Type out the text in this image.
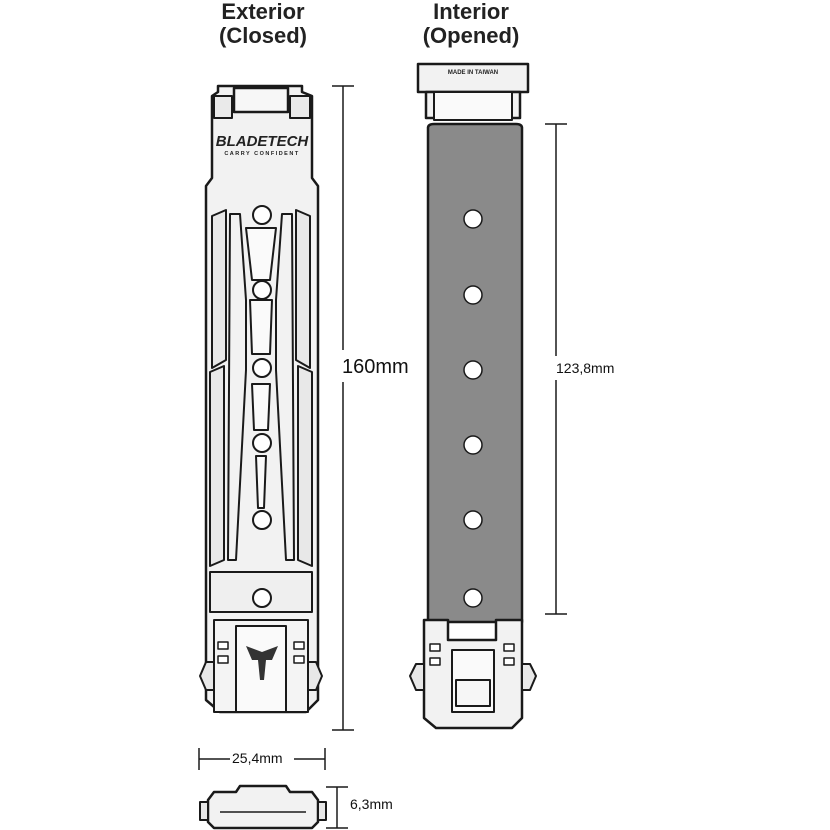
Exterior
(Closed)
Interior
(Opened)
BLADETECH
CARRY CONFIDENT
MADE IN TAIWAN
160mm	123,8mm
25,4mm
6,3mm
